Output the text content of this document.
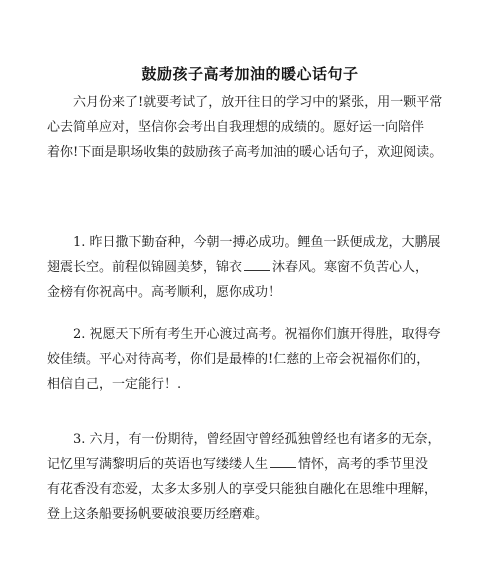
鼓励孩子高考加油的暖心话句子

六月份来了!就要考试了，放开往日的学习中的紧张，用一颗平常
心去简单应对，坚信你会考出自我理想的成绩的。愿好运一向陪伴
着你!下面是职场收集的鼓励孩子高考加油的暖心话句子，欢迎阅读。

1. 昨日撒下勤奋种，今朝一搏必成功。鲤鱼一跃便成龙，大鹏展
翅震长空。前程似锦圆美梦，锦衣 沐春风。寒窗不负苦心人，
金榜有你祝高中。高考顺利，愿你成功！

2. 祝愿天下所有考生开心渡过高考。祝福你们旗开得胜，取得夸
姣佳绩。平心对待高考，你们是最棒的!仁慈的上帝会祝福你们的，
相信自己，一定能行！.

3. 六月，有一份期待，曾经固守曾经孤独曾经也有诸多的无奈，
记忆里写满黎明后的英语也写缕缕人生 情怀，高考的季节里没
有花香没有恋爱，太多太多别人的享受只能独自融化在思维中理解，
登上这条船要扬帆要破浪要历经磨难。
